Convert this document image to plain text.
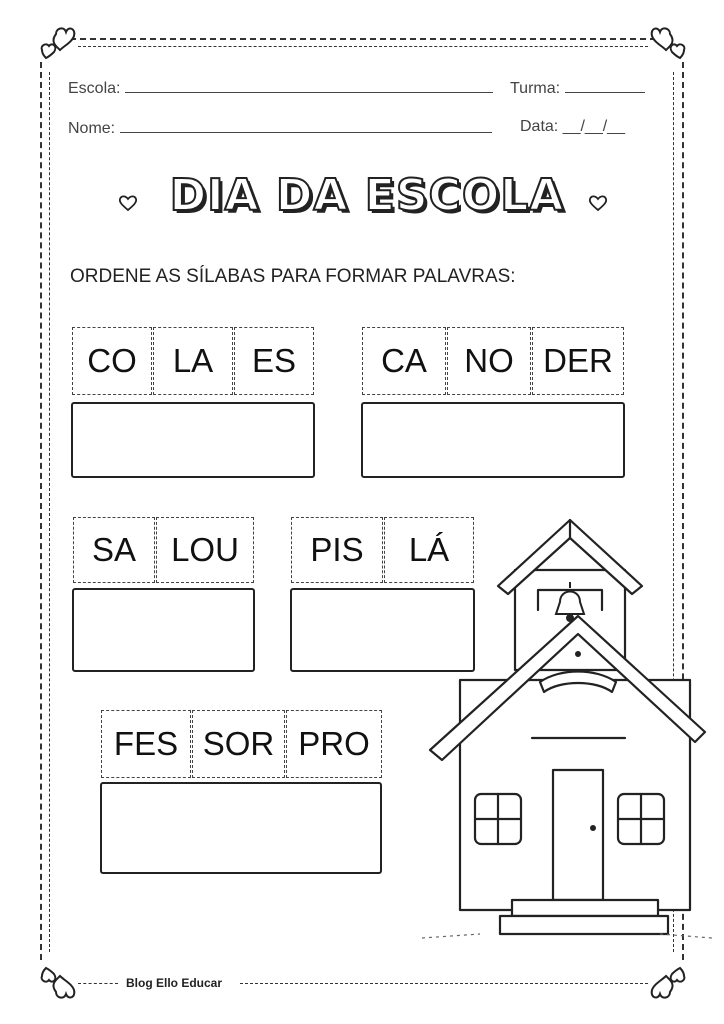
Escola:	Turma:
Nome:	Data: __/__/__
DIA DA ESCOLA
ORDENE AS SÍLABAS PARA FORMAR PALAVRAS:
CO	LA	ES	CA	NO DER
SA	LOU	PIS	LÁ
FES SOR PRO
Blog Ello Educar
